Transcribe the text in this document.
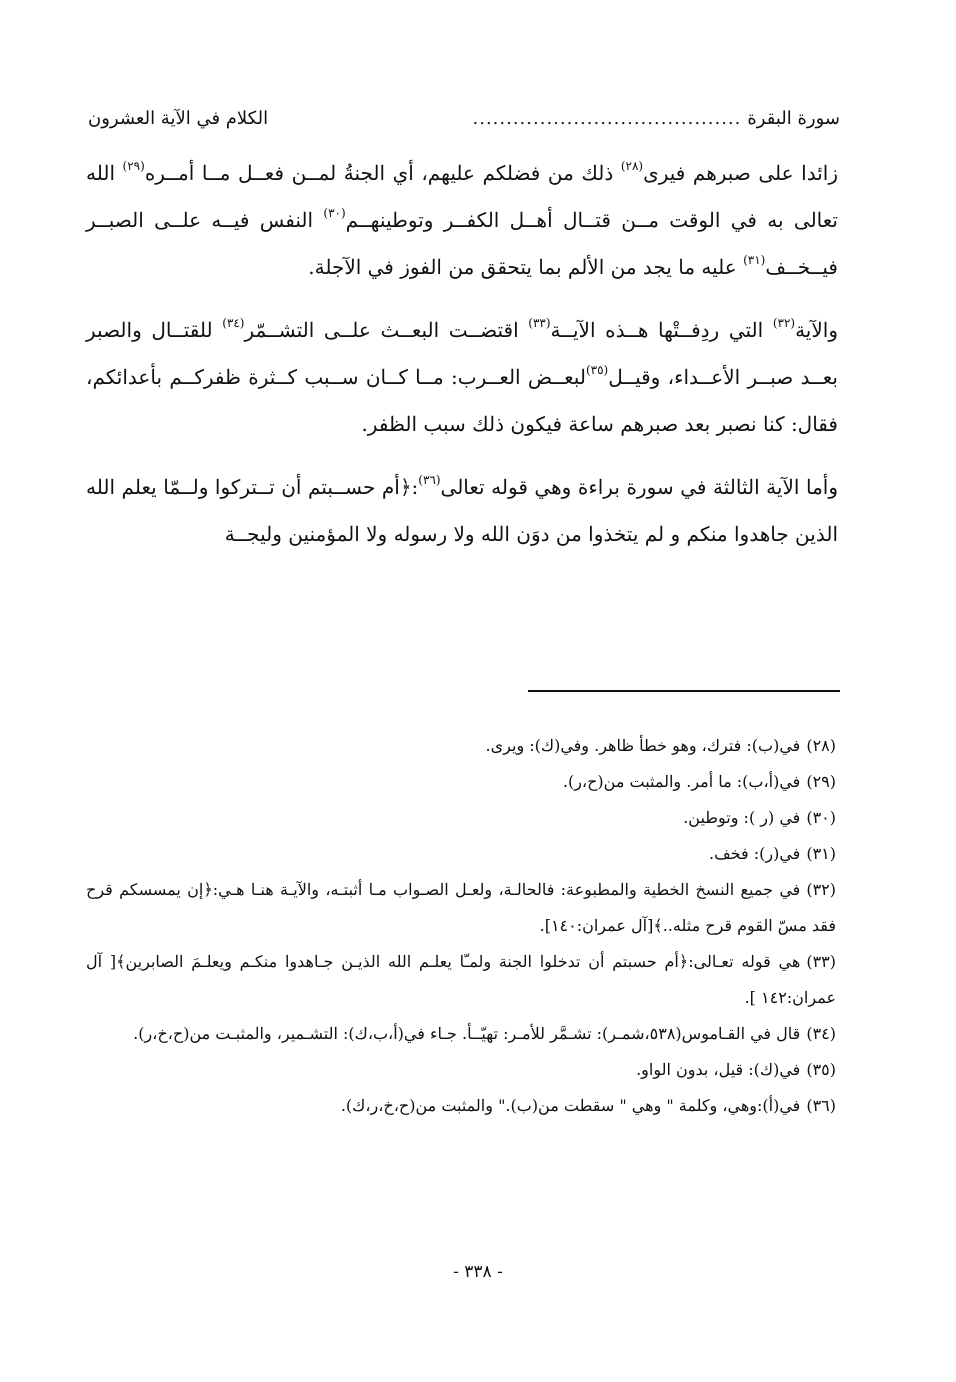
سورة البقرة
........................................
الكلام في الآية العشرون

زائدا على صبرهم فيرى$^{(٢٨)}$ ذلك من فضلكم عليهم، أي الجنةُ لمــن فعــل مــا أمــره$^{(٢٩)}$ الله تعالى به في الوقت مــن قتــال أهــل الكفــر وتوطينهــم$^{(٣٠)}$ النفس فيــه علــى الصبــر فيــخــف$^{(٣١)}$ عليه ما يجد من الألم بما يتحقق من الفوز في الآجلة.

والآية$^{(٣٢)}$ التي ردِفــتْها هــذه الآيــة$^{(٣٣)}$ اقتضــت البعــث علــى التشــمّر$^{(٣٤)}$ للقتــال والصبر بعــد صبــر الأعــداء، وقيــل$^{(٣٥)}$لبعــض العــرب: مــا كــان ســبب كــثرة ظفركــم بأعدائكم، فقال: كنا نصبر بعد صبرهم ساعة فيكون ذلك سبب الظفر.

وأما الآية الثالثة في سورة براءة وهي قوله تعالى$^{(٣٦)}$:﴿أم حســبتم أن تــتركوا ولــمّا يعلم الله الذين جاهدوا منكم و لم يتخذوا من دوَن الله ولا رسوله ولا المؤمنين وليجــة

(٢٨)في(ب): فترك، وهو خطأ ظاهر. وفي(ك): ويرى.
(٢٩)في(أ،ب): ما أمر. والمثبت من(ح،ر).
(٣٠)في (ر ): وتوطين.
(٣١)في(ر): فخف.
(٣٢)في جميع النسخ الخطية والمطبوعة: فالحالـة، ولعـل الصـواب مـا أثبتـه، والآيـة هنـا هـي:﴿إن يمسسكم قرح فقد مسّ القوم قرح مثله..﴾[آل عمران:١٤٠].
(٣٣)هي قوله تعـالى:﴿أم حسبتم أن تدخلوا الجنة ولمـّا يعلـم الله الذيـن جـاهدوا منكـم ويعلـمَ الصابرين﴾[ آل عمران:١٤٢ ].
(٣٤)قال في القـاموس(٥٣٨،شمـر): تشـمَّر للأمـر: تهيّــأ. جـاء في(أ،ب،ك): التشـمير، والمثبـت من(ح،خ،ر).
(٣٥)في(ك): قيل، بدون الواو.
(٣٦)في(أ):وهي، وكلمة " وهي " سقطت من(ب)." والمثبت من(ح،خ،ر،ك).
- ٣٣٨ -
